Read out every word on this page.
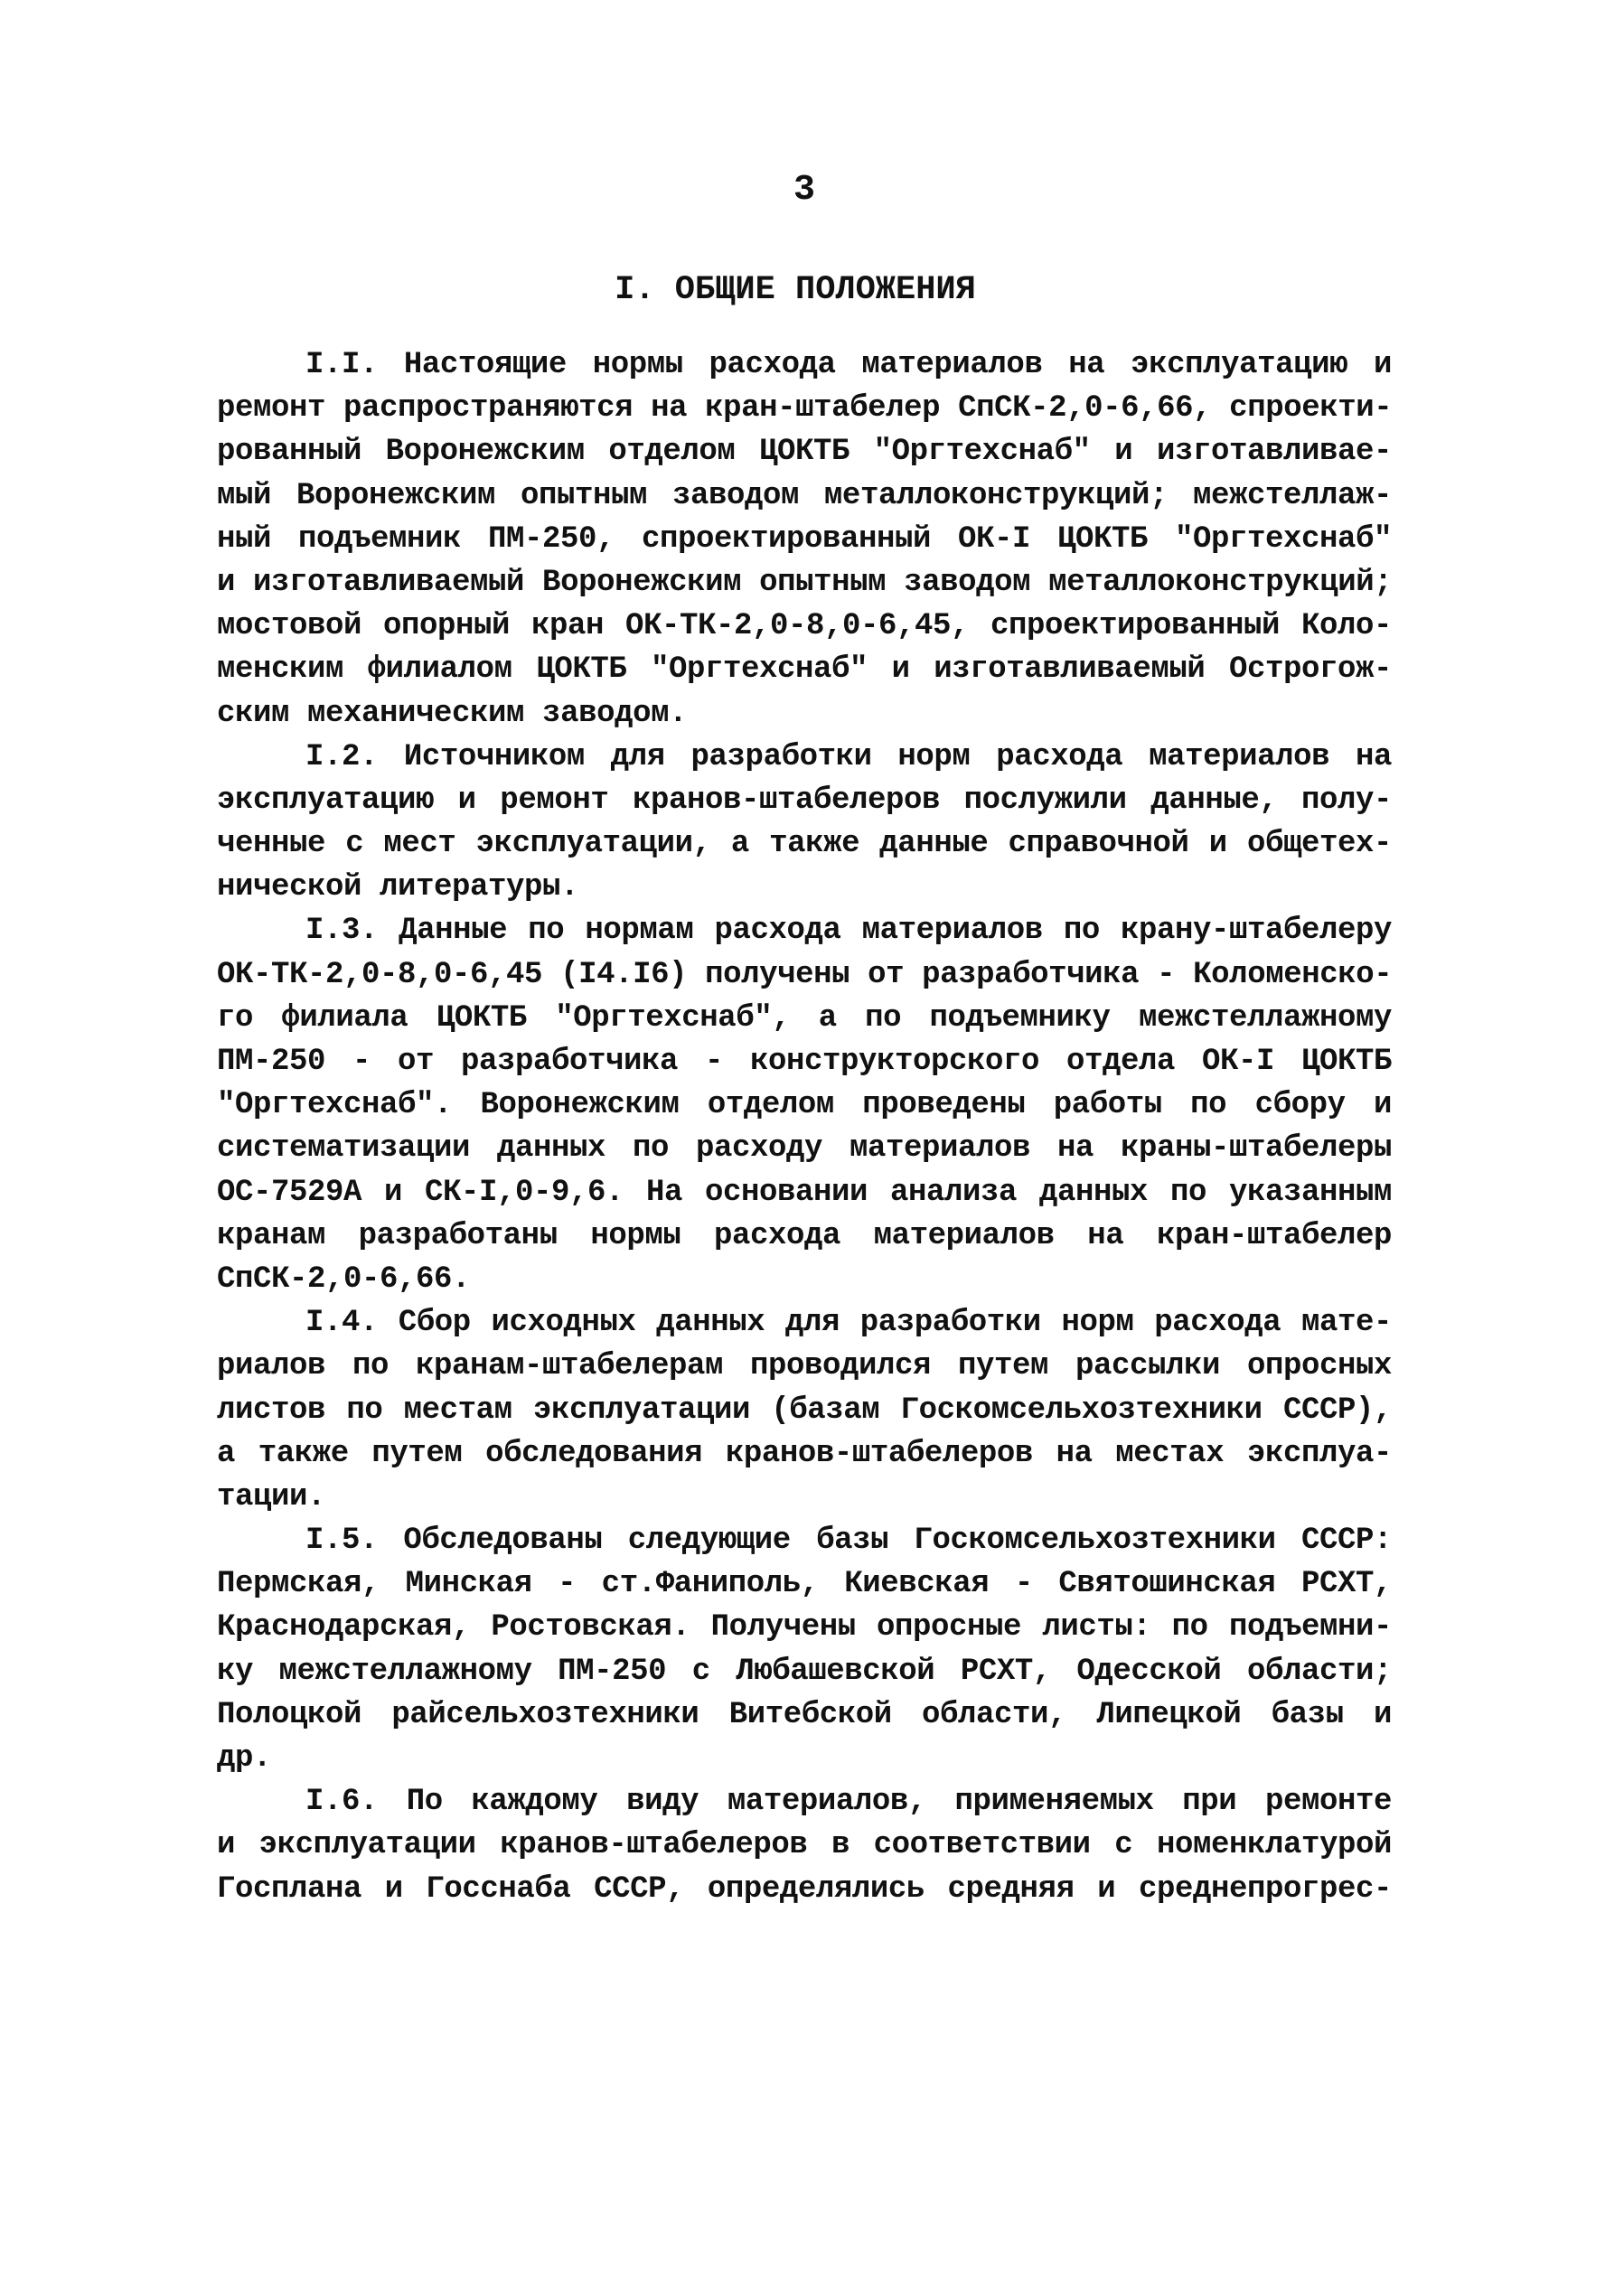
3
I. ОБЩИЕ ПОЛОЖЕНИЯ
I.I. Настоящие нормы расхода материалов на эксплуатацию и
ремонт распространяются на кран-штабелер СпСК-2,0-6,66, спроекти-
рованный Воронежским отделом ЦОКТБ "Оргтехснаб" и изготавливае-
мый Воронежским опытным заводом металлоконструкций; межстеллаж-
ный подъемник ПМ-250, спроектированный ОК-I ЦОКТБ "Оргтехснаб"
и изготавливаемый Воронежским опытным заводом металлоконструкций;
мостовой опорный кран ОК-ТК-2,0-8,0-6,45, спроектированный Коло-
менским филиалом ЦОКТБ "Оргтехснаб" и изготавливаемый Острогож-
ским механическим заводом.
I.2. Источником для разработки норм расхода материалов на
эксплуатацию и ремонт кранов-штабелеров послужили данные, полу-
ченные с мест эксплуатации, а также данные справочной и общетех-
нической литературы.
I.3. Данные по нормам расхода материалов по крану-штабелеру
ОК-ТК-2,0-8,0-6,45 (I4.I6) получены от разработчика - Коломенско-
го филиала ЦОКТБ "Оргтехснаб", а по подъемнику межстеллажному
ПМ-250 - от разработчика - конструкторского отдела ОК-I ЦОКТБ
"Оргтехснаб". Воронежским отделом проведены работы по сбору и
систематизации данных по расходу материалов на краны-штабелеры
ОС-7529А и СК-I,0-9,6. На основании анализа данных по указанным
кранам разработаны нормы расхода материалов на кран-штабелер
СпСК-2,0-6,66.
I.4. Сбор исходных данных для разработки норм расхода мате-
риалов по кранам-штабелерам проводился путем рассылки опросных
листов по местам эксплуатации (базам Госкомсельхозтехники СССР),
а также путем обследования кранов-штабелеров на местах эксплуа-
тации.
I.5. Обследованы следующие базы Госкомсельхозтехники СССР:
Пермская, Минская - ст.Фаниполь, Киевская - Святошинская РСХТ,
Краснодарская, Ростовская. Получены опросные листы: по подъемни-
ку межстеллажному ПМ-250 с Любашевской РСХТ, Одесской области;
Полоцкой райсельхозтехники Витебской области, Липецкой базы и
др.
I.6. По каждому виду материалов, применяемых при ремонте
и эксплуатации кранов-штабелеров в соответствии с номенклатурой
Госплана и Госснаба СССР, определялись средняя и среднепрогрес-
